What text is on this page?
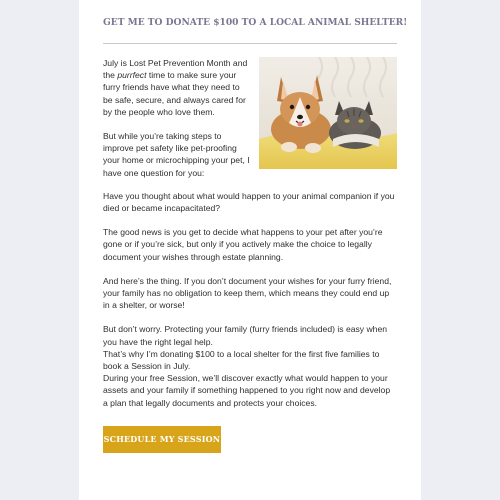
GET ME TO DONATE $100 TO A LOCAL ANIMAL SHELTER!

July is Lost Pet Prevention Month and the purrfect time to make sure your furry friends have what they need to be safe, secure, and always cared for by the people who love them.

But while you’re taking steps to improve pet safety like pet-proofing your home or microchipping your pet, I have one question for you:

Have you thought about what would happen to your animal companion if you died or became incapacitated?

The good news is you get to decide what happens to your pet after you’re gone or if you’re sick, but only if you actively make the choice to legally document your wishes through estate planning.

And here’s the thing. If you don’t document your wishes for your furry friend, your family has no obligation to keep them, which means they could end up in a shelter, or worse!

But don’t worry. Protecting your family (furry friends included) is easy when you have the right legal help.

That’s why I’m donating $100 to a local shelter for the first five families to book a Session in July.

During your free Session, we’ll discover exactly what would happen to your assets and your family if something happened to you right now and develop a plan that legally documents and protects your choices.

SCHEDULE MY SESSION
